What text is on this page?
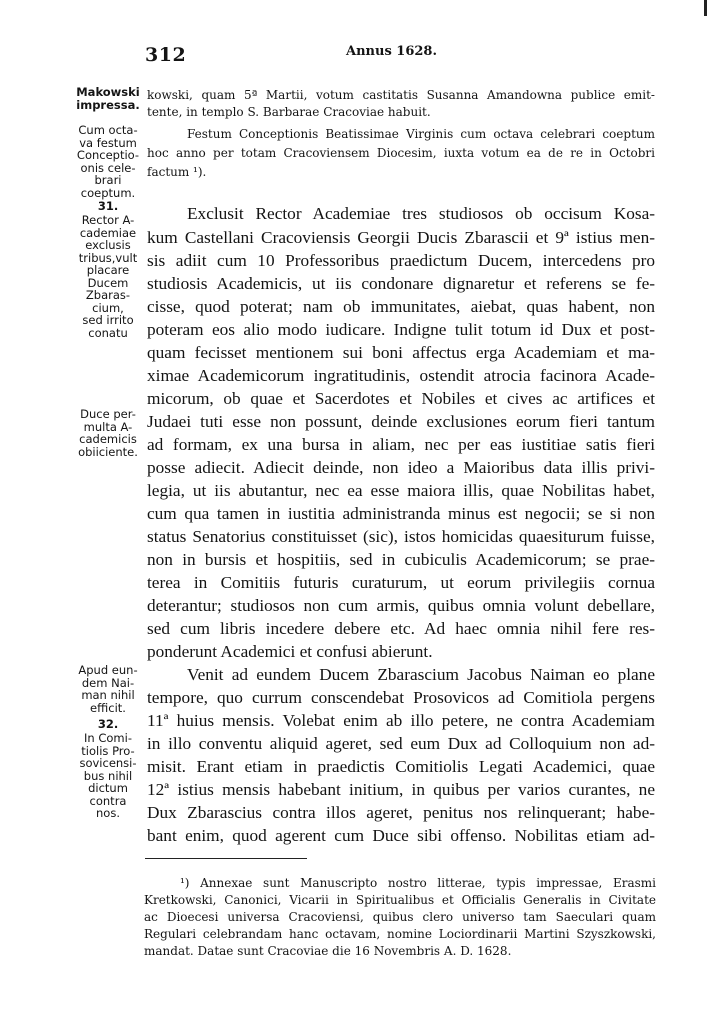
312	Annus 1628.
Makowski
impressa.
Cum octa-
va festum
Conceptio-
onis cele-
brari
coeptum.
31.
Rector A-
cademiae
exclusis
tribus,vult
placare
Ducem
Zbaras-
cium,
sed irrito
conatu
Duce per-
multa A-
cademicis
obiiciente.
Apud eun-
dem Nai-
man nihil
efficit.
32.
In Comi-
tiolis Pro-
sovicensi-
bus nihil
dictum
contra
nos.
kowski, quam 5ª Martii, votum castitatis Susanna Amandowna publice emit-
tente, in templo S. Barbarae Cracoviae habuit.
Festum Conceptionis Beatissimae Virginis cum octava celebrari coeptum
hoc anno per totam Cracoviensem Diocesim, iuxta votum ea de re in Octobri
factum ¹).
Exclusit Rector Academiae tres studiosos ob occisum Kosa-
kum Castellani Cracoviensis Georgii Ducis Zbarascii et 9ª istius men-
sis adiit cum 10 Professoribus praedictum Ducem, intercedens pro
studiosis Academicis, ut iis condonare dignaretur et referens se fe-
cisse, quod poterat; nam ob immunitates, aiebat, quas habent, non
poteram eos alio modo iudicare. Indigne tulit totum id Dux et post-
quam fecisset mentionem sui boni affectus erga Academiam et ma-
ximae Academicorum ingratitudinis, ostendit atrocia facinora Acade-
micorum, ob quae et Sacerdotes et Nobiles et cives ac artifices et
Judaei tuti esse non possunt, deinde exclusiones eorum fieri tantum
ad formam, ex una bursa in aliam, nec per eas iustitiae satis fieri
posse adiecit. Adiecit deinde, non ideo a Maioribus data illis privi-
legia, ut iis abutantur, nec ea esse maiora illis, quae Nobilitas habet,
cum qua tamen in iustitia administranda minus est negocii; se si non
status Senatorius constituisset (sic), istos homicidas quaesiturum fuisse,
non in bursis et hospitiis, sed in cubiculis Academicorum; se prae-
terea in Comitiis futuris curaturum, ut eorum privilegiis cornua
deterantur; studiosos non cum armis, quibus omnia volunt debellare,
sed cum libris incedere debere etc. Ad haec omnia nihil fere res-
ponderunt Academici et confusi abierunt.
Venit ad eundem Ducem Zbarascium Jacobus Naiman eo plane
tempore, quo currum conscendebat Prosovicos ad Comitiola pergens
11ª huius mensis. Volebat enim ab illo petere, ne contra Academiam
in illo conventu aliquid ageret, sed eum Dux ad Colloquium non ad-
misit. Erant etiam in praedictis Comitiolis Legati Academici, quae
12ª istius mensis habebant initium, in quibus per varios curantes, ne
Dux Zbarascius contra illos ageret, penitus nos relinquerant; habe-
bant enim, quod agerent cum Duce sibi offenso. Nobilitas etiam ad-
¹) Annexae sunt Manuscripto nostro litterae, typis impressae, Erasmi
Kretkowski, Canonici, Vicarii in Spiritualibus et Officialis Generalis in Civitate
ac Dioecesi universa Cracoviensi, quibus clero universo tam Saeculari quam
Regulari celebrandam hanc octavam, nomine Lociordinarii Martini Szyszkowski,
mandat. Datae sunt Cracoviae die 16 Novembris A. D. 1628.
